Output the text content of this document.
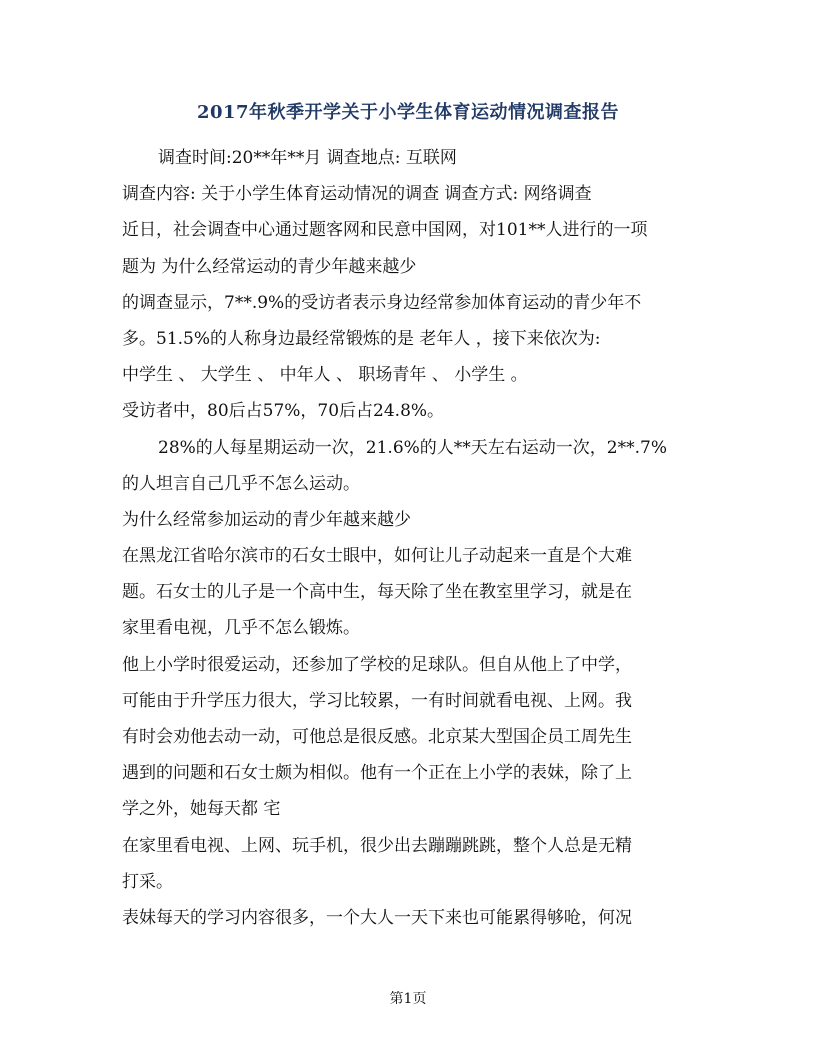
2017年秋季开学关于小学生体育运动情况调查报告
调查时间:20**年**月 调查地点: 互联网
调查内容: 关于小学生体育运动情况的调查 调查方式: 网络调查
近日，社会调查中心通过题客网和民意中国网，对101**人进行的一项
题为 为什么经常运动的青少年越来越少
的调查显示，7**.9%的受访者表示身边经常参加体育运动的青少年不
多。51.5%的人称身边最经常锻炼的是 老年人 ，接下来依次为:
中学生 、 大学生 、 中年人 、 职场青年 、 小学生 。
受访者中，80后占57%，70后占24.8%。
28%的人每星期运动一次，21.6%的人**天左右运动一次，2**.7%
的人坦言自己几乎不怎么运动。
为什么经常参加运动的青少年越来越少
在黑龙江省哈尔滨市的石女士眼中，如何让儿子动起来一直是个大难
题。石女士的儿子是一个高中生，每天除了坐在教室里学习，就是在
家里看电视，几乎不怎么锻炼。
他上小学时很爱运动，还参加了学校的足球队。但自从他上了中学，
可能由于升学压力很大，学习比较累，一有时间就看电视、上网。我
有时会劝他去动一动，可他总是很反感。北京某大型国企员工周先生
遇到的问题和石女士颇为相似。他有一个正在上小学的表妹，除了上
学之外，她每天都 宅
在家里看电视、上网、玩手机，很少出去蹦蹦跳跳，整个人总是无精
打采。
表妹每天的学习内容很多，一个大人一天下来也可能累得够呛，何况
第1页
